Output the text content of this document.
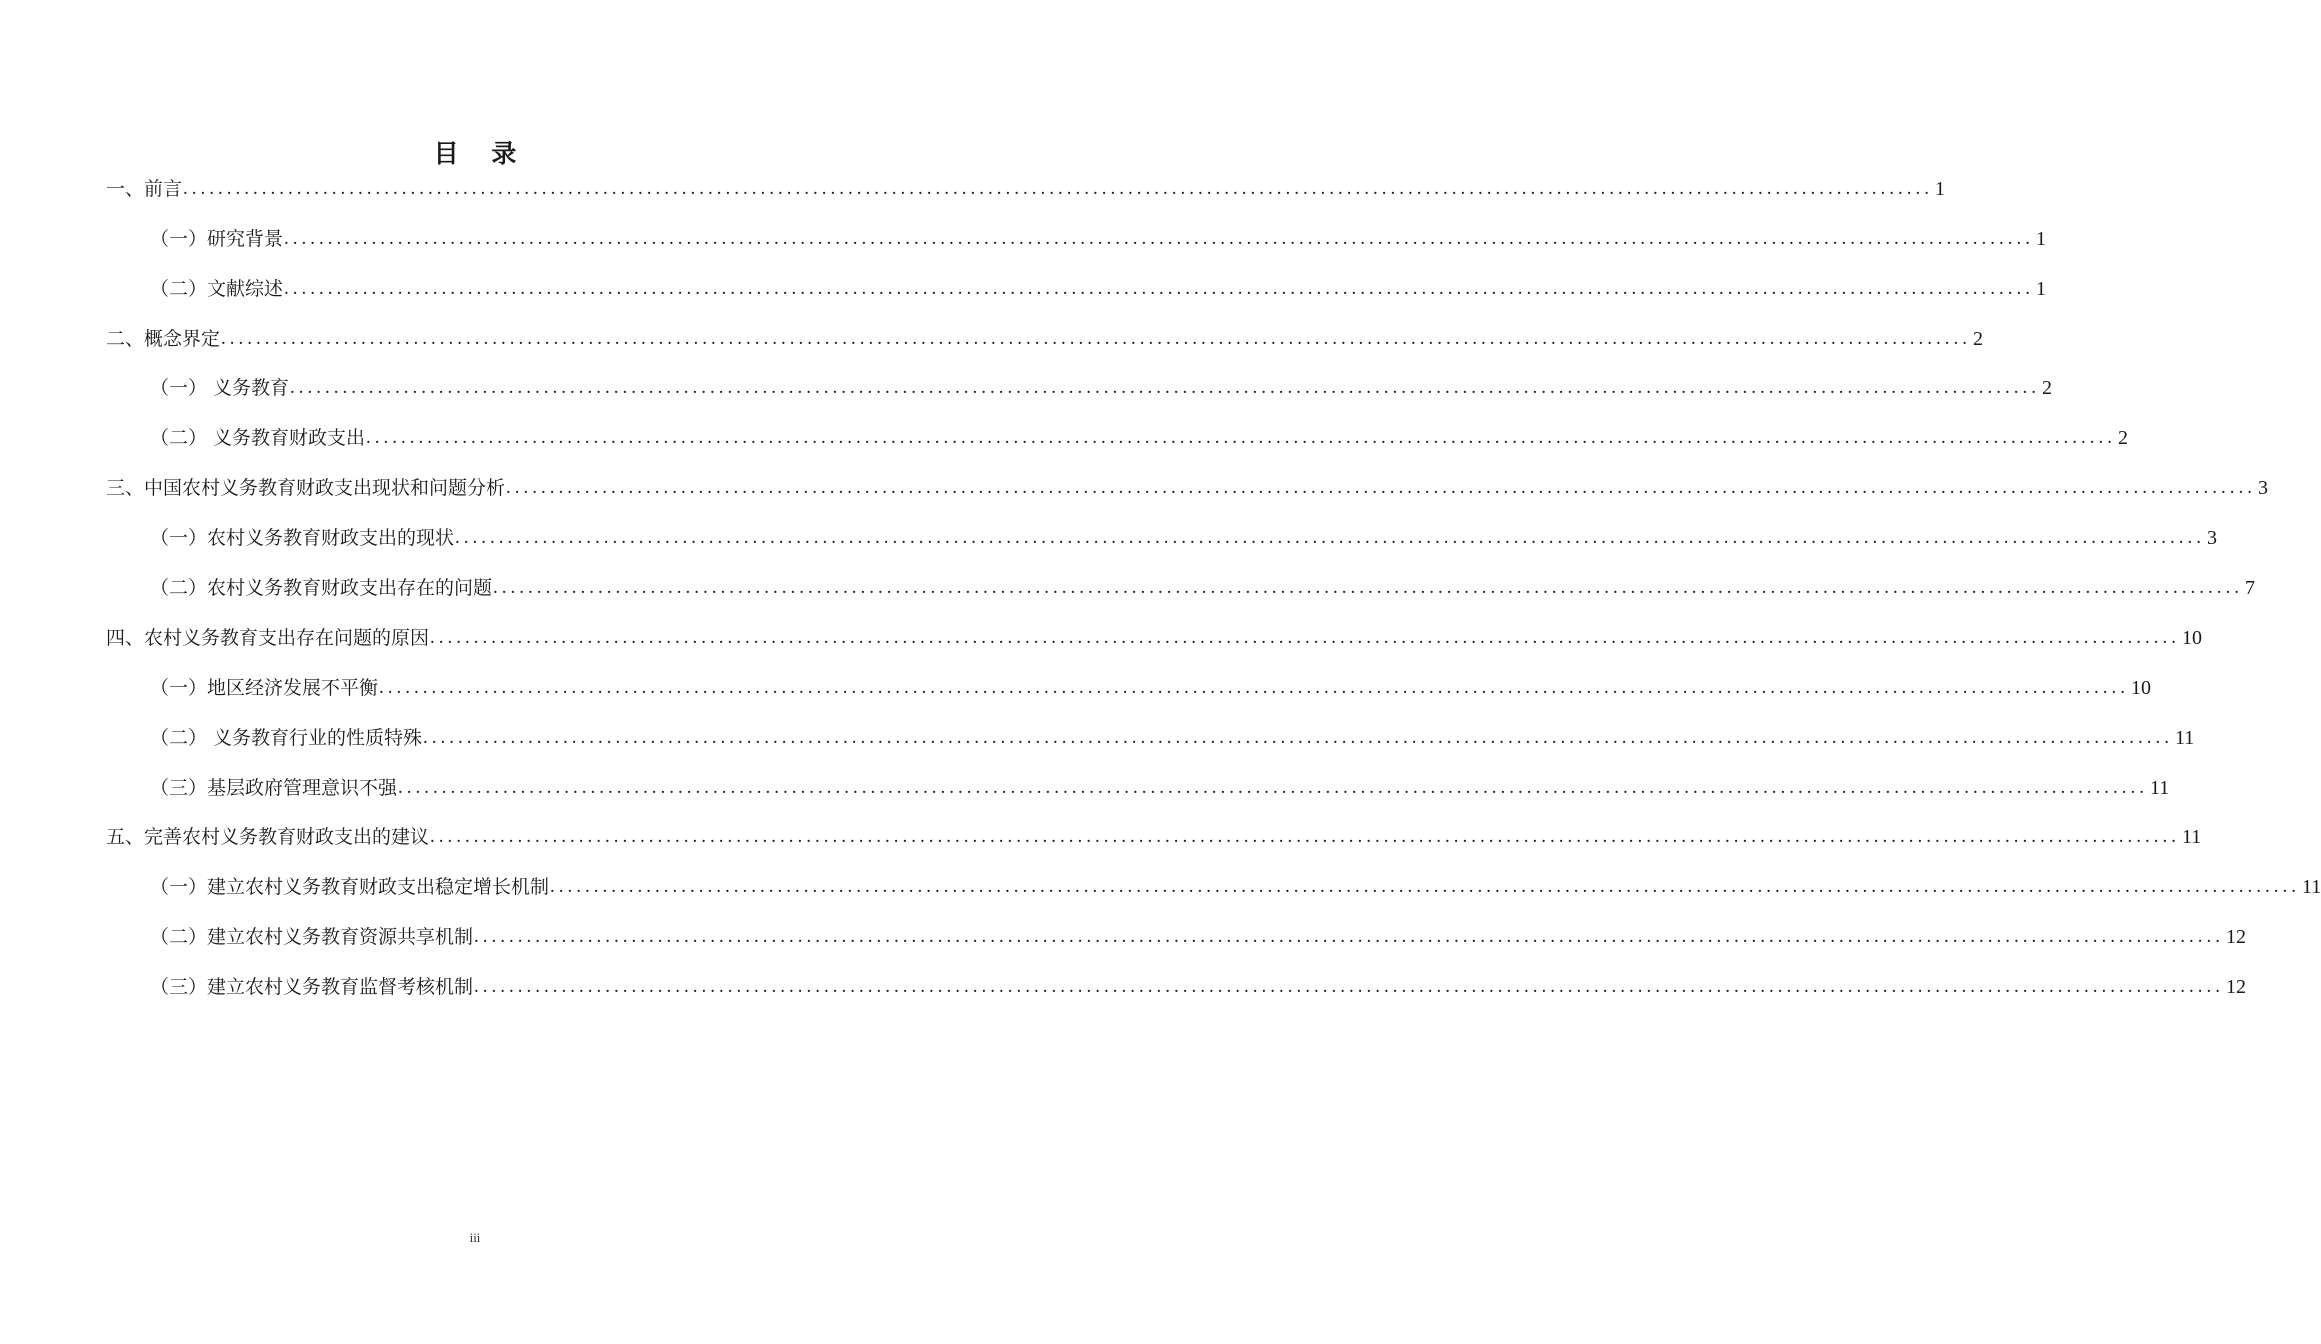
目 录
一、前言 ........................................................................................................................................................................................................ 1
（一）研究背景 ........................................................................................................................................................................................................ 1
（二）文献综述 ........................................................................................................................................................................................................ 1
二、概念界定 ........................................................................................................................................................................................................ 2
（一） 义务教育 ........................................................................................................................................................................................................ 2
（二） 义务教育财政支出 ........................................................................................................................................................................................................ 2
三、中国农村义务教育财政支出现状和问题分析 ........................................................................................................................................................................................................ 3
（一）农村义务教育财政支出的现状 ........................................................................................................................................................................................................ 3
（二）农村义务教育财政支出存在的问题 ........................................................................................................................................................................................................ 7
四、农村义务教育支出存在问题的原因 ........................................................................................................................................................................................................ 10
（一）地区经济发展不平衡 ........................................................................................................................................................................................................ 10
（二） 义务教育行业的性质特殊 ........................................................................................................................................................................................................ 11
（三）基层政府管理意识不强 ........................................................................................................................................................................................................ 11
五、完善农村义务教育财政支出的建议 ........................................................................................................................................................................................................ 11
（一）建立农村义务教育财政支出稳定增长机制 ........................................................................................................................................................................................................ 11
（二）建立农村义务教育资源共享机制 ........................................................................................................................................................................................................ 12
（三）建立农村义务教育监督考核机制 ........................................................................................................................................................................................................ 12
iii
